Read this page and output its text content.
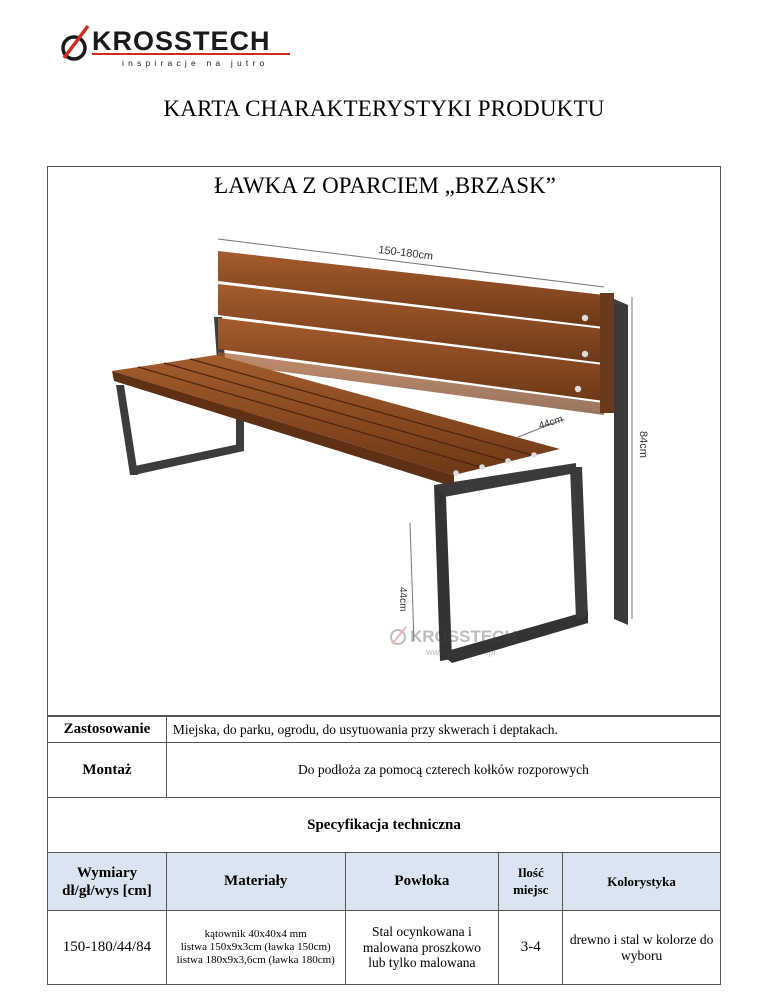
KROSSTECH
inspiracje na jutro
KARTA CHARAKTERYSTYKI PRODUKTU
150-180cm
84cm
44cm
44cm
KROSSTECH
www.krosstech.pl
ŁAWKA Z OPARCIEM „BRZASK”
Zastosowanie	Miejska, do parku, ogrodu, do usytuowania przy skwerach i deptakach.			
Montaż	Do podłoża za pomocą czterech kołków rozporowych			
Specyfikacja techniczna				
Wymiary dł/gł/wys [cm]	Materiały	Powłoka	Ilość miejsc	Kolorystyka
150-180/44/84	kątownik 40x40x4 mm
listwa 150x9x3cm (ławka 150cm)
listwa 180x9x3,6cm (ławka 180cm)	Stal ocynkowana i malowana proszkowo lub tylko malowana	3-4	drewno i stal w kolorze do wyboru
